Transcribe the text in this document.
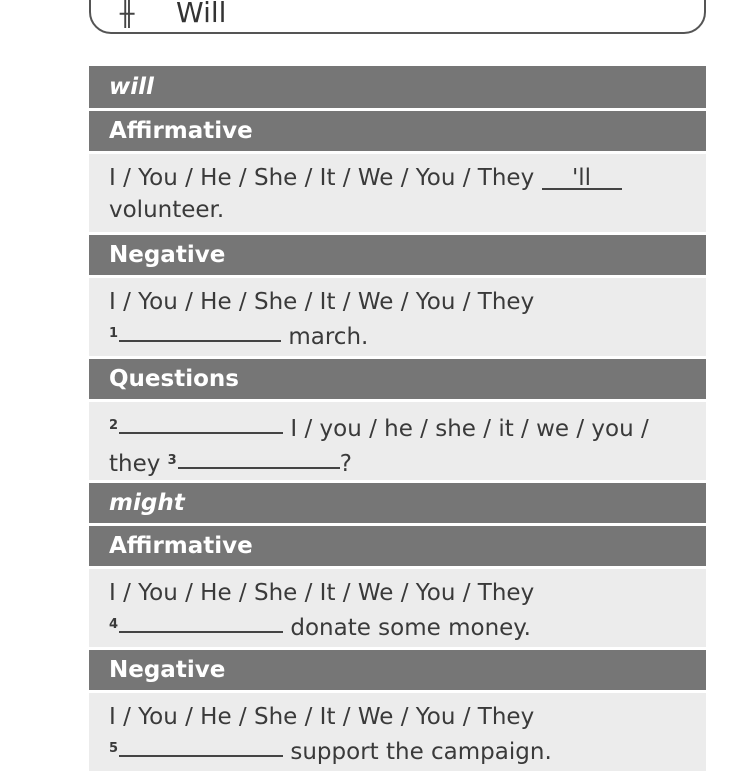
╫ Will
will
Affirmative
I / You / He / She / It / We / You / They 'll
volunteer.
Negative
I / You / He / She / It / We / You / They
$^1$	march.
Questions
$^2$	I / you / he / she / it / we / you /
they $^3$	?
might
Affirmative
I / You / He / She / It / We / You / They
$^4$	donate some money.
Negative
I / You / He / She / It / We / You / They
$^5$	support the campaign.
